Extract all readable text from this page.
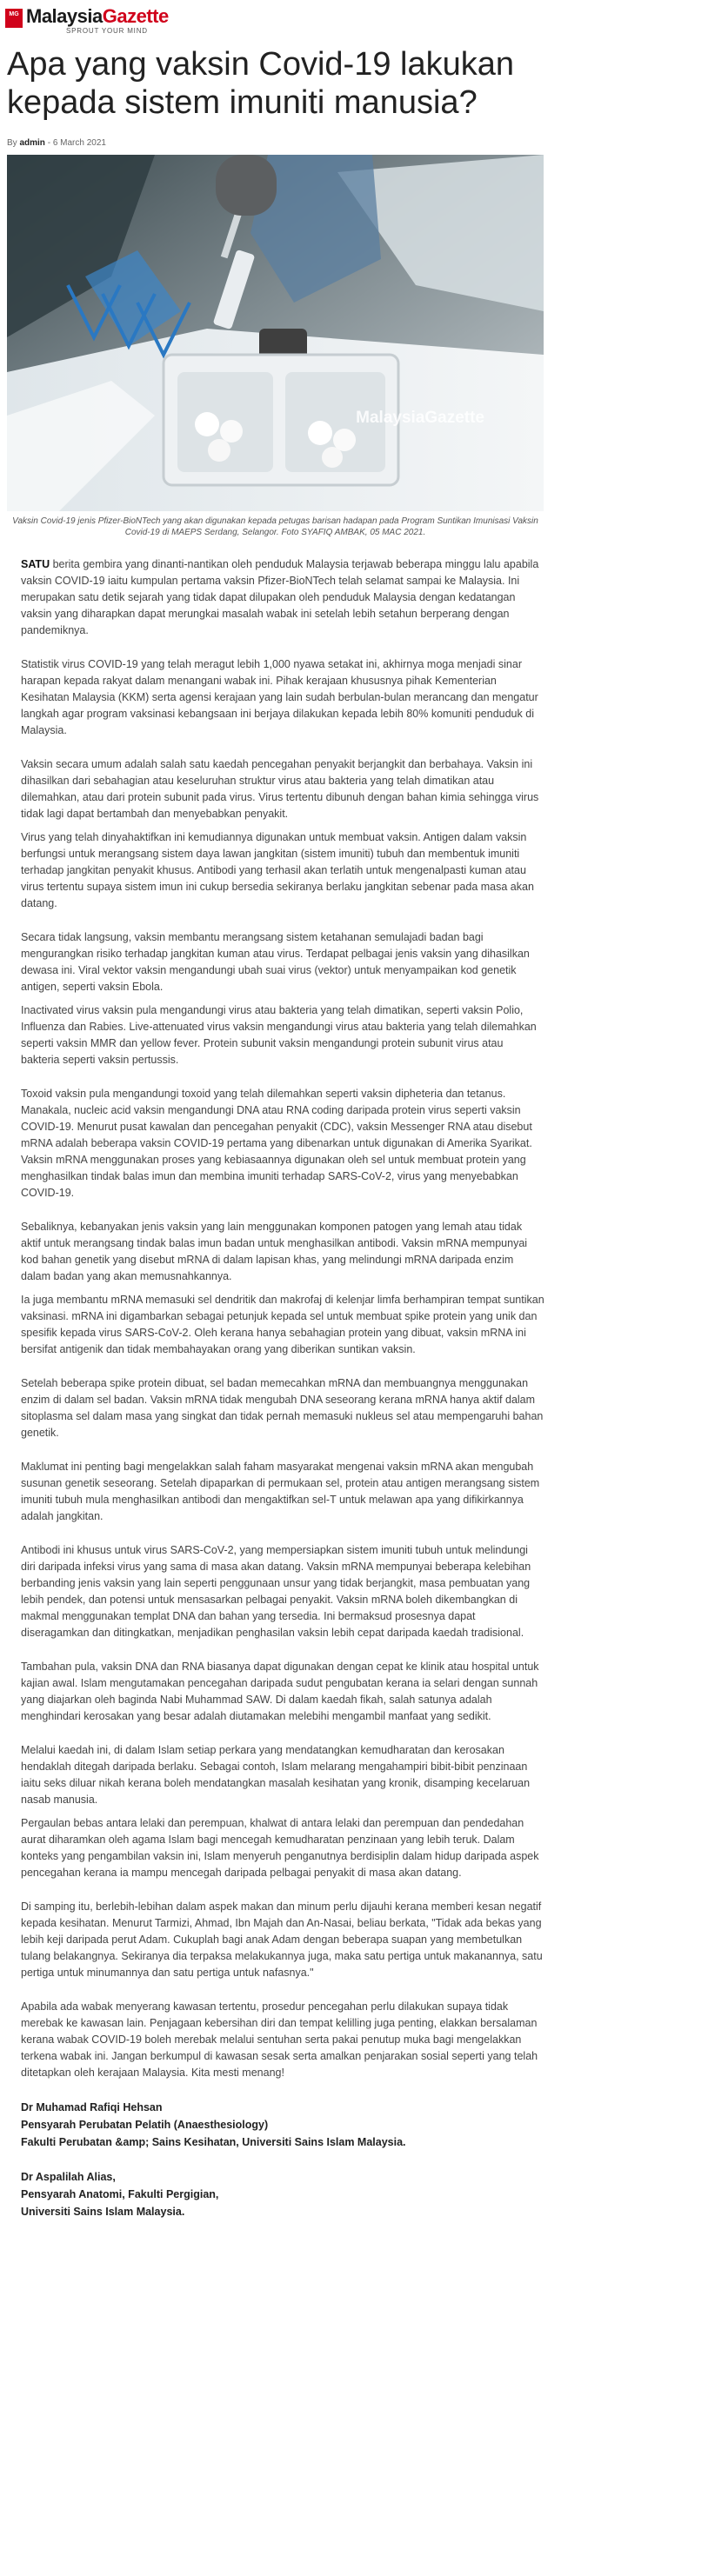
MG MalaysiaGazette
SPROUT YOUR MIND
Apa yang vaksin Covid-19 lakukan kepada sistem imuniti manusia?
By admin - 6 March 2021
MalaysiaGazette
Vaksin Covid-19 jenis Pfizer-BioNTech yang akan digunakan kepada petugas barisan hadapan pada Program Suntikan Imunisasi Vaksin Covid-19 di MAEPS Serdang, Selangor. Foto SYAFIQ AMBAK, 05 MAC 2021.

SATU berita gembira yang dinanti-nantikan oleh penduduk Malaysia terjawab beberapa minggu lalu apabila vaksin COVID-19 iaitu kumpulan pertama vaksin Pfizer-BioNTech telah selamat sampai ke Malaysia. Ini merupakan satu detik sejarah yang tidak dapat dilupakan oleh penduduk Malaysia dengan kedatangan vaksin yang diharapkan dapat merungkai masalah wabak ini setelah lebih setahun berperang dengan pandemiknya.

Statistik virus COVID-19 yang telah meragut lebih 1,000 nyawa setakat ini, akhirnya moga menjadi sinar harapan kepada rakyat dalam menangani wabak ini. Pihak kerajaan khususnya pihak Kementerian Kesihatan Malaysia (KKM) serta agensi kerajaan yang lain sudah berbulan-bulan merancang dan mengatur langkah agar program vaksinasi kebangsaan ini berjaya dilakukan kepada lebih 80% komuniti penduduk di Malaysia.

Vaksin secara umum adalah salah satu kaedah pencegahan penyakit berjangkit dan berbahaya. Vaksin ini dihasilkan dari sebahagian atau keseluruhan struktur virus atau bakteria yang telah dimatikan atau dilemahkan, atau dari protein subunit pada virus. Virus tertentu dibunuh dengan bahan kimia sehingga virus tidak lagi dapat bertambah dan menyebabkan penyakit.

Virus yang telah dinyahaktifkan ini kemudiannya digunakan untuk membuat vaksin. Antigen dalam vaksin berfungsi untuk merangsang sistem daya lawan jangkitan (sistem imuniti) tubuh dan membentuk imuniti terhadap jangkitan penyakit khusus. Antibodi yang terhasil akan terlatih untuk mengenalpasti kuman atau virus tertentu supaya sistem imun ini cukup bersedia sekiranya berlaku jangkitan sebenar pada masa akan datang.

Secara tidak langsung, vaksin membantu merangsang sistem ketahanan semulajadi badan bagi mengurangkan risiko terhadap jangkitan kuman atau virus. Terdapat pelbagai jenis vaksin yang dihasilkan dewasa ini. Viral vektor vaksin mengandungi ubah suai virus (vektor) untuk menyampaikan kod genetik antigen, seperti vaksin Ebola.

Inactivated virus vaksin pula mengandungi virus atau bakteria yang telah dimatikan, seperti vaksin Polio, Influenza dan Rabies. Live-attenuated virus vaksin mengandungi virus atau bakteria yang telah dilemahkan seperti vaksin MMR dan yellow fever. Protein subunit vaksin mengandungi protein subunit virus atau bakteria seperti vaksin pertussis.

Toxoid vaksin pula mengandungi toxoid yang telah dilemahkan seperti vaksin dipheteria dan tetanus. Manakala, nucleic acid vaksin mengandungi DNA atau RNA coding daripada protein virus seperti vaksin COVID-19. Menurut pusat kawalan dan pencegahan penyakit (CDC), vaksin Messenger RNA atau disebut mRNA adalah beberapa vaksin COVID-19 pertama yang dibenarkan untuk digunakan di Amerika Syarikat. Vaksin mRNA menggunakan proses yang kebiasaannya digunakan oleh sel untuk membuat protein yang menghasilkan tindak balas imun dan membina imuniti terhadap SARS-CoV-2, virus yang menyebabkan COVID-19.

Sebaliknya, kebanyakan jenis vaksin yang lain menggunakan komponen patogen yang lemah atau tidak aktif untuk merangsang tindak balas imun badan untuk menghasilkan antibodi. Vaksin mRNA mempunyai kod bahan genetik yang disebut mRNA di dalam lapisan khas, yang melindungi mRNA daripada enzim dalam badan yang akan memusnahkannya.

Ia juga membantu mRNA memasuki sel dendritik dan makrofaj di kelenjar limfa berhampiran tempat suntikan vaksinasi. mRNA ini digambarkan sebagai petunjuk kepada sel untuk membuat spike protein yang unik dan spesifik kepada virus SARS-CoV-2. Oleh kerana hanya sebahagian protein yang dibuat, vaksin mRNA ini bersifat antigenik dan tidak membahayakan orang yang diberikan suntikan vaksin.

Setelah beberapa spike protein dibuat, sel badan memecahkan mRNA dan membuangnya menggunakan enzim di dalam sel badan. Vaksin mRNA tidak mengubah DNA seseorang kerana mRNA hanya aktif dalam sitoplasma sel dalam masa yang singkat dan tidak pernah memasuki nukleus sel atau mempengaruhi bahan genetik.

Maklumat ini penting bagi mengelakkan salah faham masyarakat mengenai vaksin mRNA akan mengubah susunan genetik seseorang. Setelah dipaparkan di permukaan sel, protein atau antigen merangsang sistem imuniti tubuh mula menghasilkan antibodi dan mengaktifkan sel-T untuk melawan apa yang difikirkannya adalah jangkitan.

Antibodi ini khusus untuk virus SARS-CoV-2, yang mempersiapkan sistem imuniti tubuh untuk melindungi diri daripada infeksi virus yang sama di masa akan datang. Vaksin mRNA mempunyai beberapa kelebihan berbanding jenis vaksin yang lain seperti penggunaan unsur yang tidak berjangkit, masa pembuatan yang lebih pendek, dan potensi untuk mensasarkan pelbagai penyakit. Vaksin mRNA boleh dikembangkan di makmal menggunakan templat DNA dan bahan yang tersedia. Ini bermaksud prosesnya dapat diseragamkan dan ditingkatkan, menjadikan penghasilan vaksin lebih cepat daripada kaedah tradisional.

Tambahan pula, vaksin DNA dan RNA biasanya dapat digunakan dengan cepat ke klinik atau hospital untuk kajian awal. Islam mengutamakan pencegahan daripada sudut pengubatan kerana ia selari dengan sunnah yang diajarkan oleh baginda Nabi Muhammad SAW. Di dalam kaedah fikah, salah satunya adalah menghindari kerosakan yang besar adalah diutamakan melebihi mengambil manfaat yang sedikit.

Melalui kaedah ini, di dalam Islam setiap perkara yang mendatangkan kemudharatan dan kerosakan hendaklah ditegah daripada berlaku. Sebagai contoh, Islam melarang mengahampiri bibit-bibit penzinaan iaitu seks diluar nikah kerana boleh mendatangkan masalah kesihatan yang kronik, disamping kecelaruan nasab manusia.

Pergaulan bebas antara lelaki dan perempuan, khalwat di antara lelaki dan perempuan dan pendedahan aurat diharamkan oleh agama Islam bagi mencegah kemudharatan penzinaan yang lebih teruk. Dalam konteks yang pengambilan vaksin ini, Islam menyeruh penganutnya berdisiplin dalam hidup daripada aspek pencegahan kerana ia mampu mencegah daripada pelbagai penyakit di masa akan datang.

Di samping itu, berlebih-lebihan dalam aspek makan dan minum perlu dijauhi kerana memberi kesan negatif kepada kesihatan. Menurut Tarmizi, Ahmad, Ibn Majah dan An-Nasai, beliau berkata, "Tidak ada bekas yang lebih keji daripada perut Adam. Cukuplah bagi anak Adam dengan beberapa suapan yang membetulkan tulang belakangnya. Sekiranya dia terpaksa melakukannya juga, maka satu pertiga untuk makanannya, satu pertiga untuk minumannya dan satu pertiga untuk nafasnya."

Apabila ada wabak menyerang kawasan tertentu, prosedur pencegahan perlu dilakukan supaya tidak merebak ke kawasan lain. Penjagaan kebersihan diri dan tempat kelilling juga penting, elakkan bersalaman kerana wabak COVID-19 boleh merebak melalui sentuhan serta pakai penutup muka bagi mengelakkan terkena wabak ini. Jangan berkumpul di kawasan sesak serta amalkan penjarakan sosial seperti yang telah ditetapkan oleh kerajaan Malaysia. Kita mesti menang!

Dr Muhamad Rafiqi Hehsan
Pensyarah Perubatan Pelatih (Anaesthesiology)
Fakulti Perubatan &amp; Sains Kesihatan, Universiti Sains Islam Malaysia.
Dr Aspalilah Alias,
Pensyarah Anatomi, Fakulti Pergigian,
Universiti Sains Islam Malaysia.
